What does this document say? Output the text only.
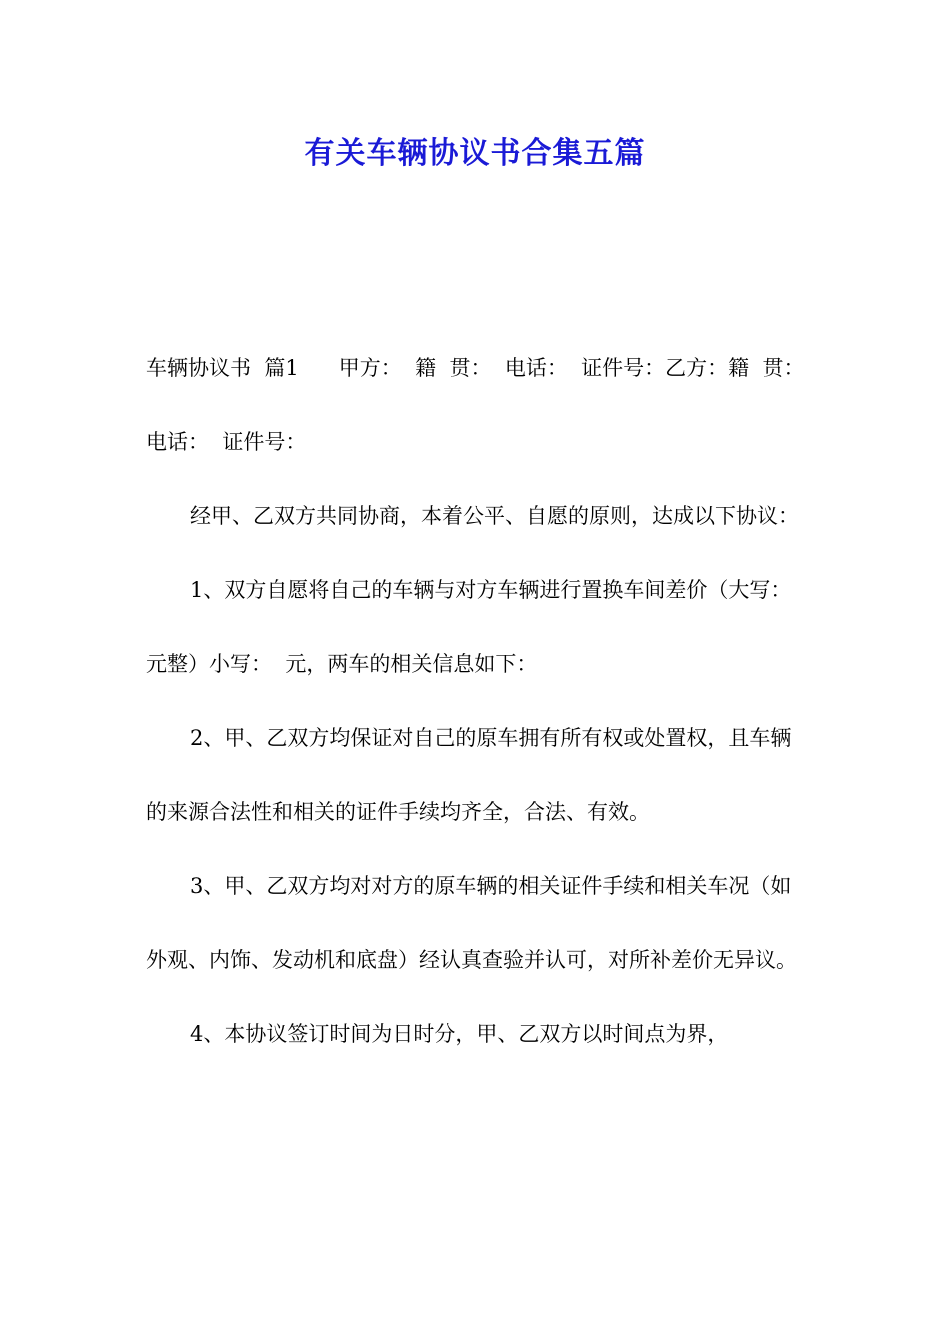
有关车辆协议书合集五篇

车辆协议书  篇1      甲方：  籍  贯：  电话：  证件号：乙方：籍  贯：  电话：  证件号：

经甲、乙双方共同协商，本着公平、自愿的原则，达成以下协议：

1、双方自愿将自己的车辆与对方车辆进行置换车间差价（大写：  元整）小写：  元，两车的相关信息如下：

2、甲、乙双方均保证对自己的原车拥有所有权或处置权，且车辆的来源合法性和相关的证件手续均齐全，合法、有效。

3、甲、乙双方均对对方的原车辆的相关证件手续和相关车况（如外观、内饰、发动机和底盘）经认真查验并认可，对所补差价无异议。

4、本协议签订时间为日时分，甲、乙双方以时间点为界，
